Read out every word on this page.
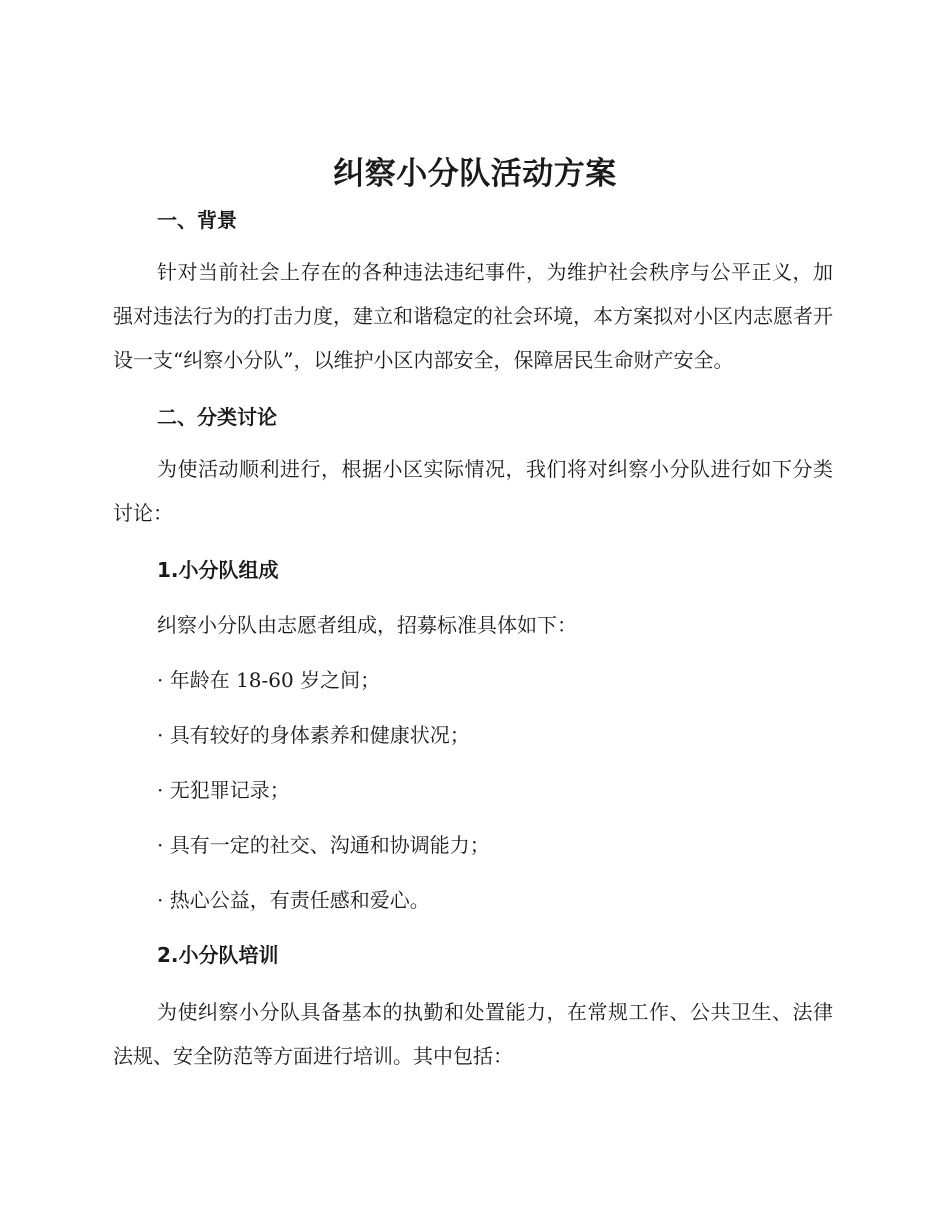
纠察小分队活动方案
一、背景

针对当前社会上存在的各种违法违纪事件，为维护社会秩序与公平正义，加强对违法行为的打击力度，建立和谐稳定的社会环境，本方案拟对小区内志愿者开设一支“纠察小分队”，以维护小区内部安全，保障居民生命财产安全。

二、分类讨论

为使活动顺利进行，根据小区实际情况，我们将对纠察小分队进行如下分类讨论：

1.小分队组成

纠察小分队由志愿者组成，招募标准具体如下：

· 年龄在 18-60 岁之间；

· 具有较好的身体素养和健康状况；

· 无犯罪记录；

· 具有一定的社交、沟通和协调能力；

· 热心公益，有责任感和爱心。

2.小分队培训

为使纠察小分队具备基本的执勤和处置能力，在常规工作、公共卫生、法律法规、安全防范等方面进行培训。其中包括：
